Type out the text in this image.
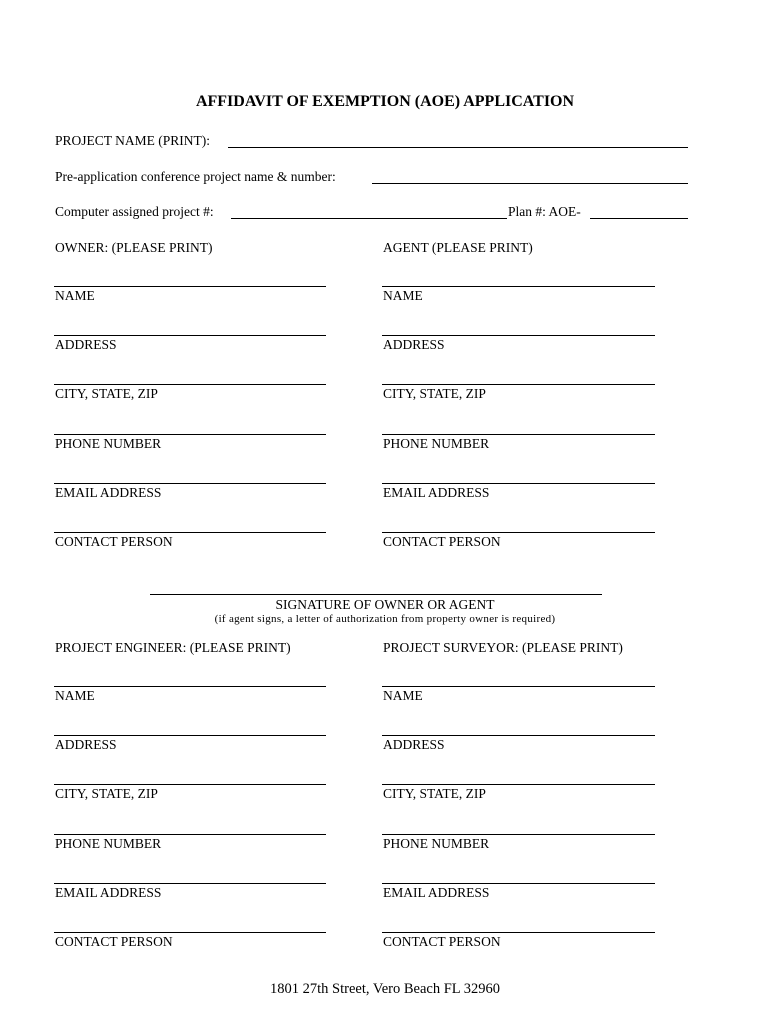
AFFIDAVIT OF EXEMPTION (AOE) APPLICATION
PROJECT NAME (PRINT):
Pre-application conference project name & number:
Computer assigned project #:	Plan #: AOE-
OWNER: (PLEASE PRINT)	AGENT (PLEASE PRINT)
NAME	NAME
ADDRESS	ADDRESS
CITY, STATE, ZIP	CITY, STATE, ZIP
PHONE NUMBER	PHONE NUMBER
EMAIL ADDRESS	EMAIL ADDRESS
CONTACT PERSON	CONTACT PERSON
SIGNATURE OF OWNER OR AGENT
(if agent signs, a letter of authorization from property owner is required)
PROJECT ENGINEER: (PLEASE PRINT)	PROJECT SURVEYOR: (PLEASE PRINT)
NAME	NAME
ADDRESS	ADDRESS
CITY, STATE, ZIP	CITY, STATE, ZIP
PHONE NUMBER	PHONE NUMBER
EMAIL ADDRESS	EMAIL ADDRESS
CONTACT PERSON	CONTACT PERSON
1801 27th Street, Vero Beach FL 32960
